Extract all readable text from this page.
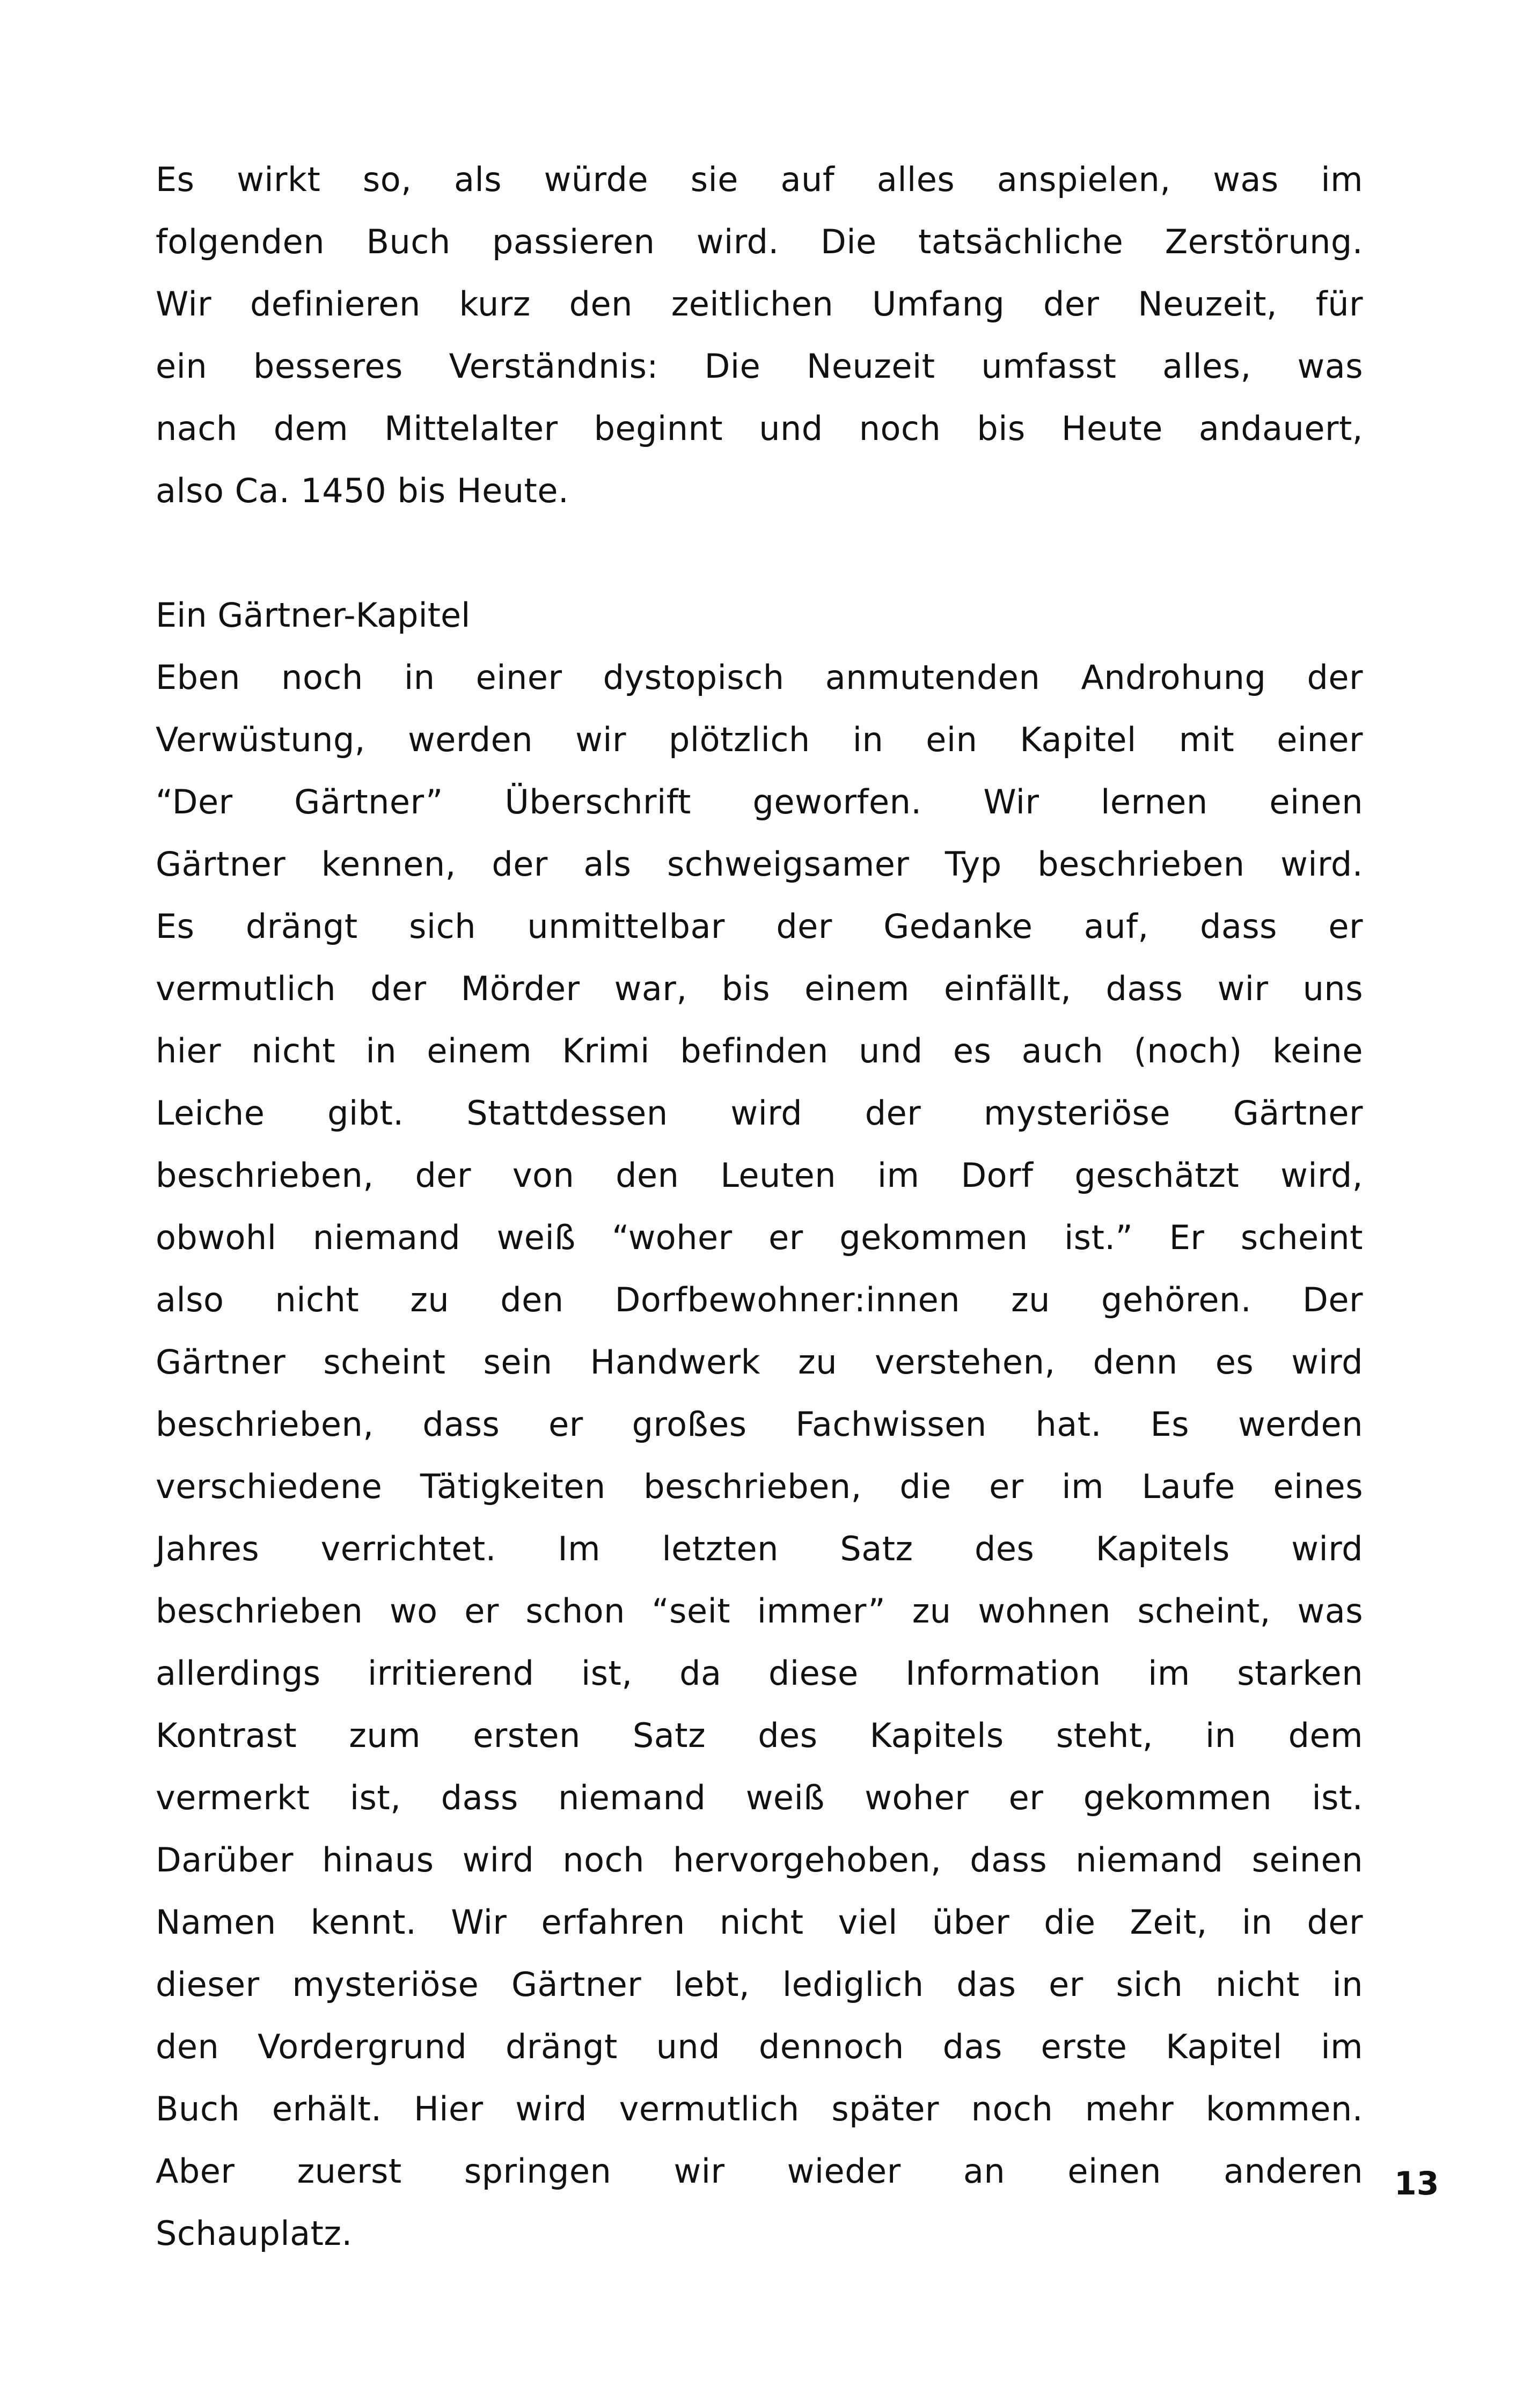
Es wirkt so, als würde sie auf alles anspielen, was im
folgenden Buch passieren wird. Die tatsächliche Zerstörung.
Wir definieren kurz den zeitlichen Umfang der Neuzeit, für
ein besseres Verständnis: Die Neuzeit umfasst alles, was
nach dem Mittelalter beginnt und noch bis Heute andauert,
also Ca. 1450 bis Heute.
Ein Gärtner-Kapitel
Eben noch in einer dystopisch anmutenden Androhung der
Verwüstung, werden wir plötzlich in ein Kapitel mit einer
“Der Gärtner” Überschrift geworfen. Wir lernen einen
Gärtner kennen, der als schweigsamer Typ beschrieben wird.
Es drängt sich unmittelbar der Gedanke auf, dass er
vermutlich der Mörder war, bis einem einfällt, dass wir uns
hier nicht in einem Krimi befinden und es auch (noch) keine
Leiche gibt. Stattdessen wird der mysteriöse Gärtner
beschrieben, der von den Leuten im Dorf geschätzt wird,
obwohl niemand weiß “woher er gekommen ist.” Er scheint
also nicht zu den Dorfbewohner:innen zu gehören. Der
Gärtner scheint sein Handwerk zu verstehen, denn es wird
beschrieben, dass er großes Fachwissen hat. Es werden
verschiedene Tätigkeiten beschrieben, die er im Laufe eines
Jahres verrichtet. Im letzten Satz des Kapitels wird
beschrieben wo er schon “seit immer” zu wohnen scheint, was
allerdings irritierend ist, da diese Information im starken
Kontrast zum ersten Satz des Kapitels steht, in dem
vermerkt ist, dass niemand weiß woher er gekommen ist.
Darüber hinaus wird noch hervorgehoben, dass niemand seinen
Namen kennt. Wir erfahren nicht viel über die Zeit, in der
dieser mysteriöse Gärtner lebt, lediglich das er sich nicht in
den Vordergrund drängt und dennoch das erste Kapitel im
Buch erhält. Hier wird vermutlich später noch mehr kommen.
Aber zuerst springen wir wieder an einen anderen
Schauplatz.
13
